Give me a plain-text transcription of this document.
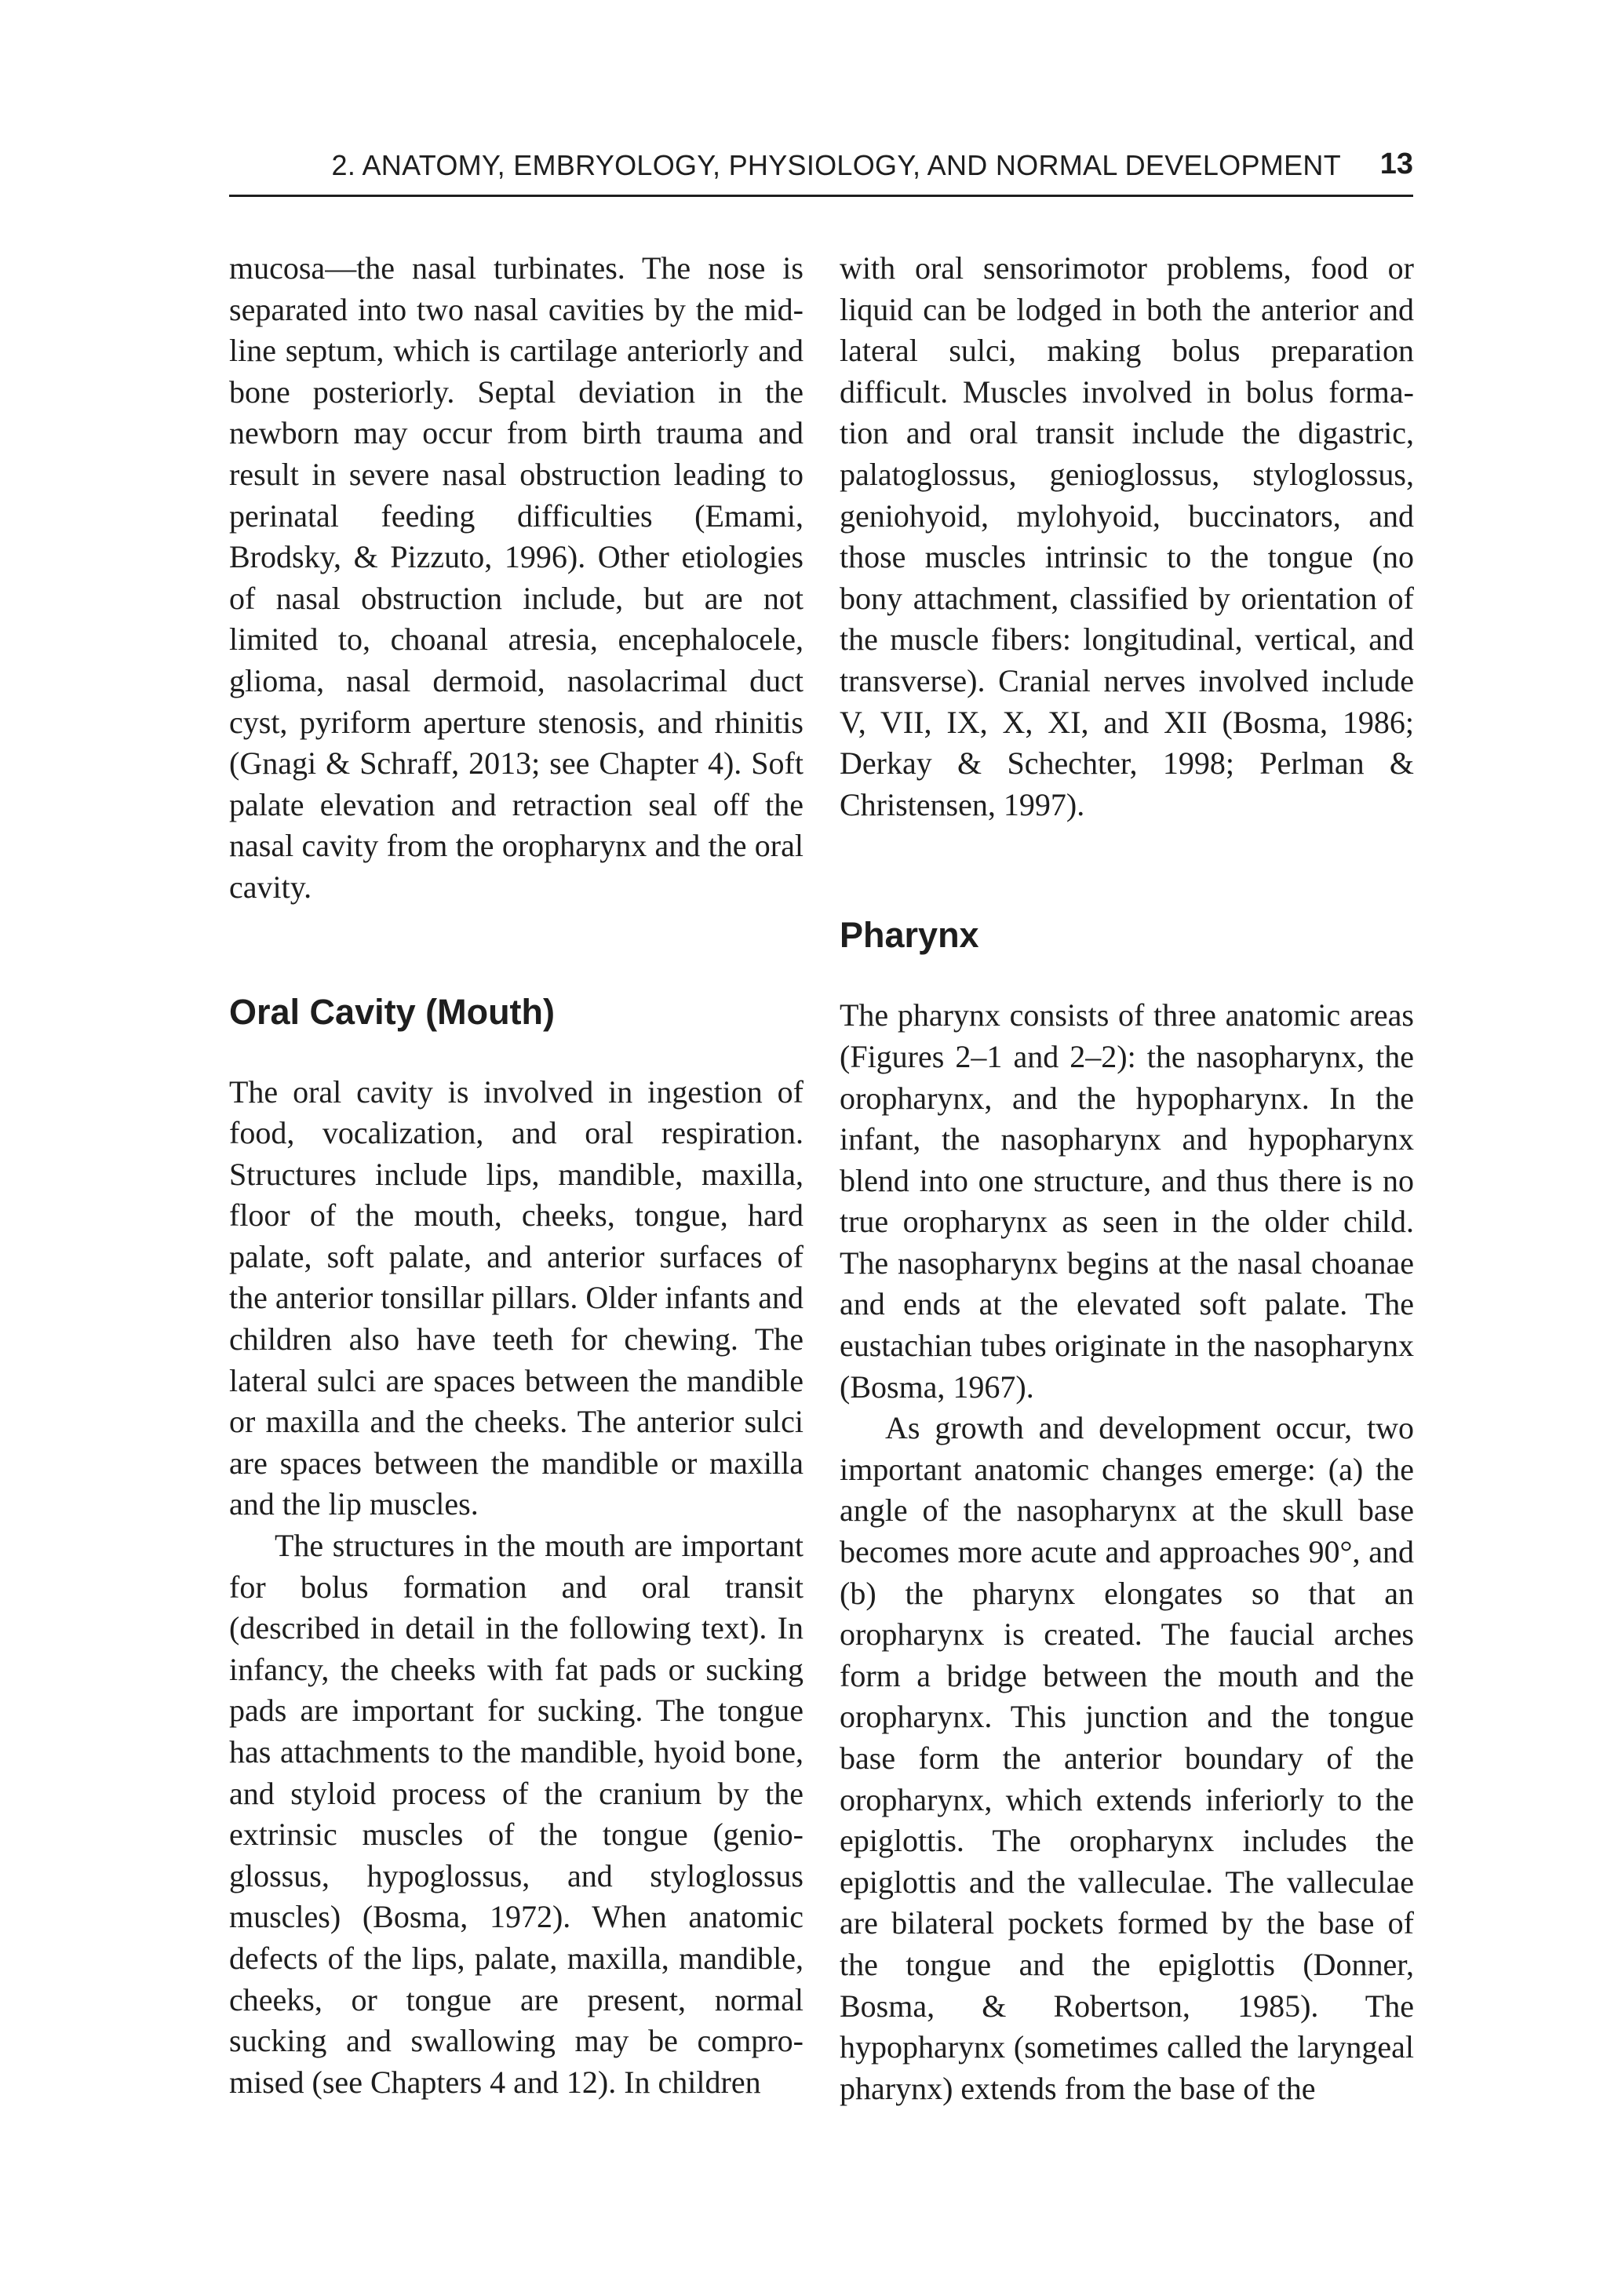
2. ANATOMY, EMBRYOLOGY, PHYSIOLOGY, AND NORMAL DEVELOPMENT 13

mucosa—the nasal turbinates. The nose is separated into two nasal cavities by the midline septum, which is cartilage anteriorly and bone posteriorly. Septal deviation in the newborn may occur from birth trauma and result in severe nasal obstruction leading to perinatal feeding difficulties (Emami, Brodsky, & Pizzuto, 1996). Other etiologies of nasal obstruction include, but are not limited to, choanal atresia, encephalocele, glioma, nasal dermoid, nasolacrimal duct cyst, pyriform aperture stenosis, and rhinitis (Gnagi & Schraff, 2013; see Chapter 4). Soft palate elevation and retraction seal off the nasal cavity from the oropharynx and the oral cavity.

Oral Cavity (Mouth)

The oral cavity is involved in ingestion of food, vocalization, and oral respiration. Structures include lips, mandible, maxilla, floor of the mouth, cheeks, tongue, hard palate, soft palate, and anterior surfaces of the anterior tonsillar pillars. Older infants and children also have teeth for chewing. The lateral sulci are spaces between the mandible or maxilla and the cheeks. The anterior sulci are spaces between the mandible or maxilla and the lip muscles.

The structures in the mouth are important for bolus formation and oral transit (described in detail in the following text). In infancy, the cheeks with fat pads or sucking pads are important for sucking. The tongue has attachments to the mandible, hyoid bone, and styloid process of the cranium by the extrinsic muscles of the tongue (genioglossus, hypoglossus, and styloglossus muscles) (Bosma, 1972). When anatomic defects of the lips, palate, maxilla, mandible, cheeks, or tongue are present, normal sucking and swallowing may be compromised (see Chapters 4 and 12). In children

with oral sensorimotor problems, food or liquid can be lodged in both the anterior and lateral sulci, making bolus preparation difficult. Muscles involved in bolus formation and oral transit include the digastric, palatoglossus, genioglossus, styloglossus, geniohyoid, mylohyoid, buccinators, and those muscles intrinsic to the tongue (no bony attachment, classified by orientation of the muscle fibers: longitudinal, vertical, and transverse). Cranial nerves involved include V, VII, IX, X, XI, and XII (Bosma, 1986; Derkay & Schechter, 1998; Perlman & Christensen, 1997).

Pharynx

The pharynx consists of three anatomic areas (Figures 2–1 and 2–2): the nasopharynx, the oropharynx, and the hypopharynx. In the infant, the nasopharynx and hypopharynx blend into one structure, and thus there is no true oropharynx as seen in the older child. The nasopharynx begins at the nasal choanae and ends at the elevated soft palate. The eustachian tubes originate in the nasopharynx (Bosma, 1967).

As growth and development occur, two important anatomic changes emerge: (a) the angle of the nasopharynx at the skull base becomes more acute and approaches 90°, and (b) the pharynx elongates so that an oropharynx is created. The faucial arches form a bridge between the mouth and the oropharynx. This junction and the tongue base form the anterior boundary of the oropharynx, which extends inferiorly to the epiglottis. The oropharynx includes the epiglottis and the valleculae. The valleculae are bilateral pockets formed by the base of the tongue and the epiglottis (Donner, Bosma, & Robertson, 1985). The hypopharynx (sometimes called the laryngeal pharynx) extends from the base of the
